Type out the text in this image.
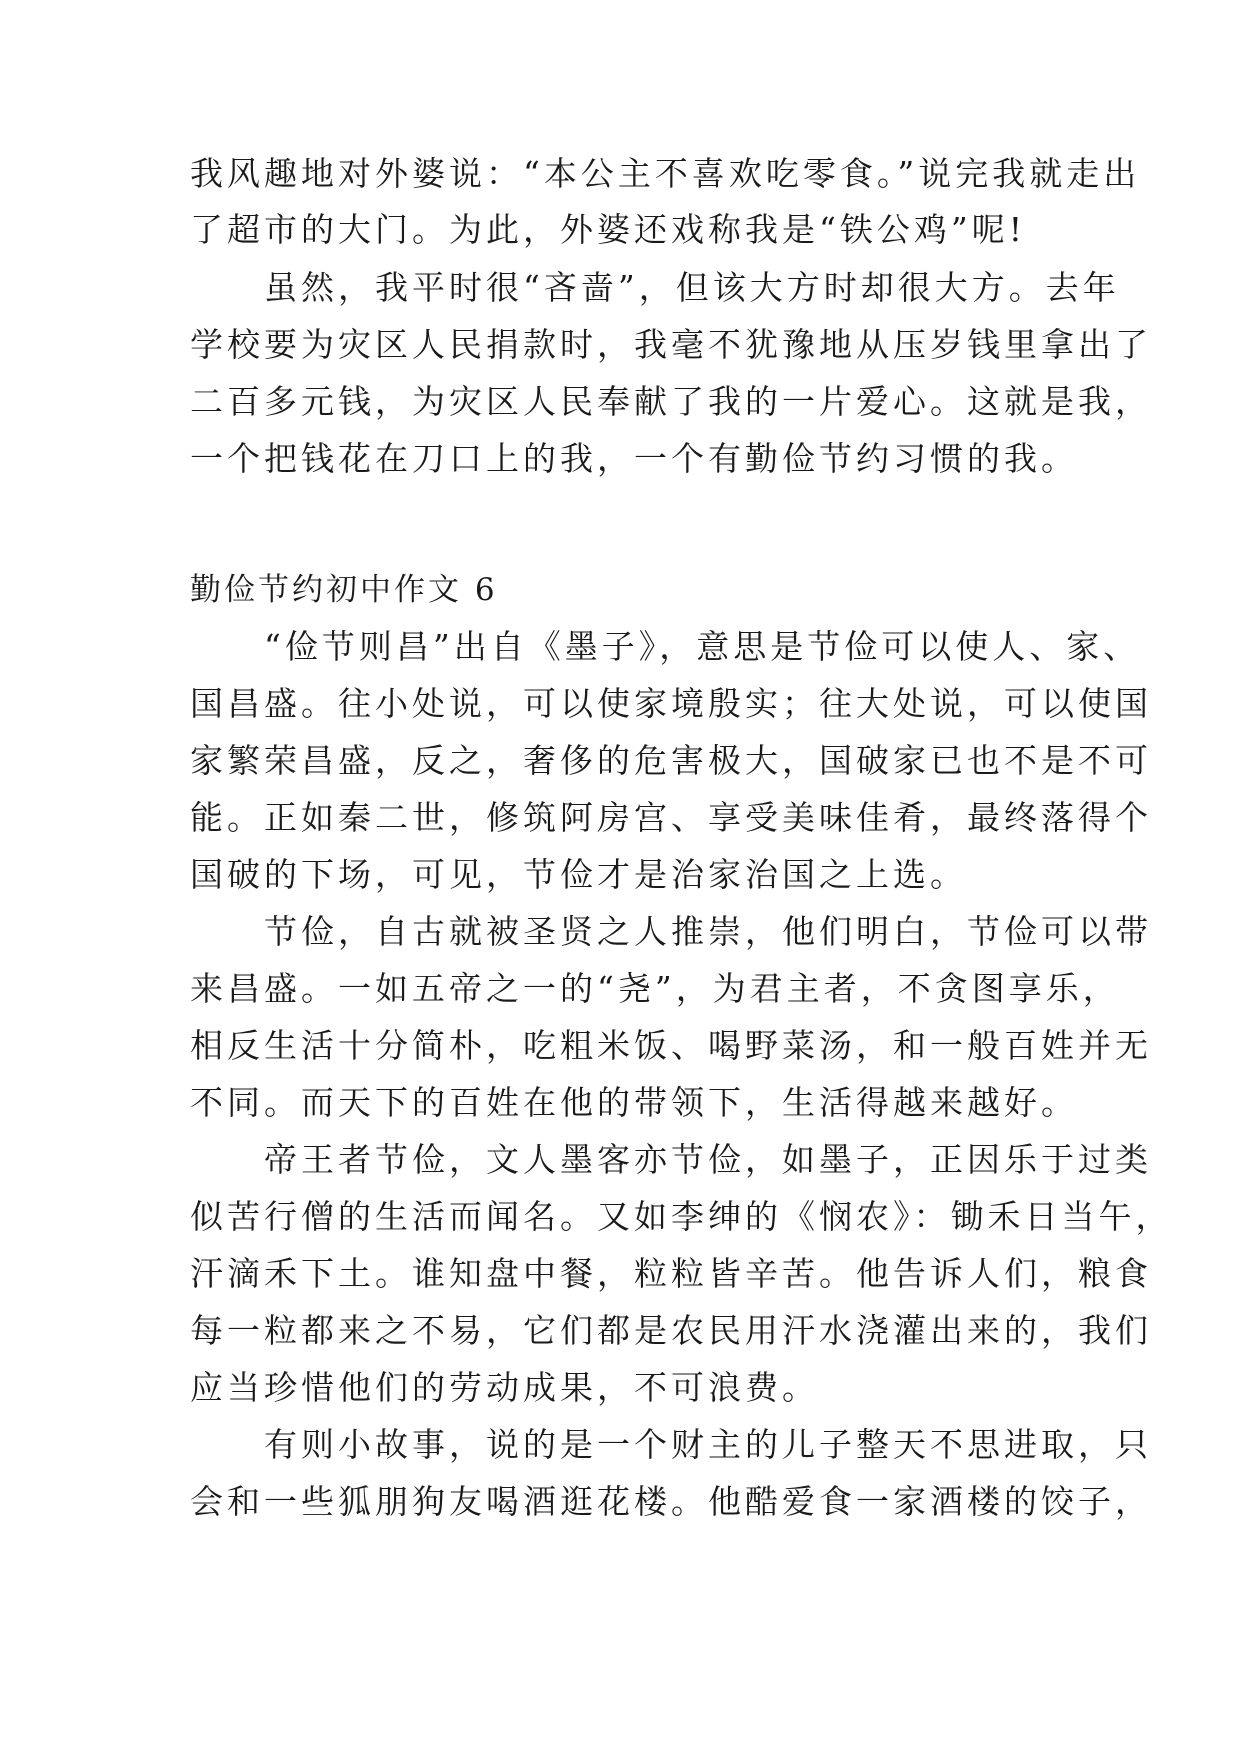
我风趣地对外婆说：“本公主不喜欢吃零食。”说完我就走出
了超市的大门。为此，外婆还戏称我是“铁公鸡”呢!
　　虽然，我平时很“吝啬”，但该大方时却很大方。去年
学校要为灾区人民捐款时，我毫不犹豫地从压岁钱里拿出了
二百多元钱，为灾区人民奉献了我的一片爱心。这就是我，
一个把钱花在刀口上的我，一个有勤俭节约习惯的我。
勤俭节约初中作文 6
　　“俭节则昌”出自《墨子》，意思是节俭可以使人、家、
国昌盛。往小处说，可以使家境殷实；往大处说，可以使国
家繁荣昌盛，反之，奢侈的危害极大，国破家已也不是不可
能。正如秦二世，修筑阿房宫、享受美味佳肴，最终落得个
国破的下场，可见，节俭才是治家治国之上选。
　　节俭，自古就被圣贤之人推崇，他们明白，节俭可以带
来昌盛。一如五帝之一的“尧”，为君主者，不贪图享乐，
相反生活十分简朴，吃粗米饭、喝野菜汤，和一般百姓并无
不同。而天下的百姓在他的带领下，生活得越来越好。
　　帝王者节俭，文人墨客亦节俭，如墨子，正因乐于过类
似苦行僧的生活而闻名。又如李绅的《悯农》：锄禾日当午，
汗滴禾下土。谁知盘中餐，粒粒皆辛苦。他告诉人们，粮食
每一粒都来之不易，它们都是农民用汗水浇灌出来的，我们
应当珍惜他们的劳动成果，不可浪费。
　　有则小故事，说的是一个财主的儿子整天不思进取，只
会和一些狐朋狗友喝酒逛花楼。他酷爱食一家酒楼的饺子，
